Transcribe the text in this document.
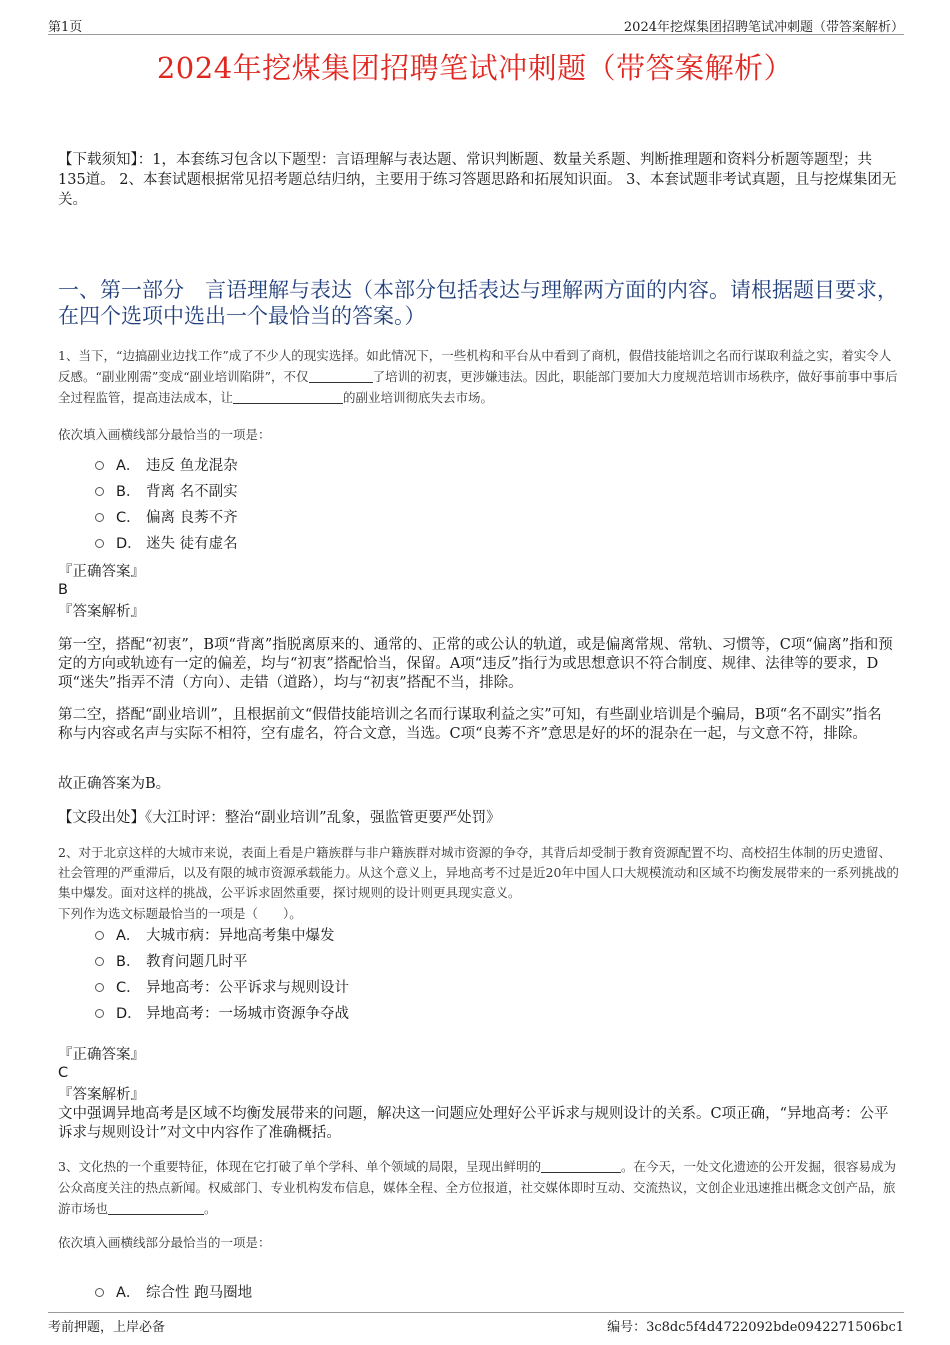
第1页	2024年挖煤集团招聘笔试冲刺题（带答案解析）
2024年挖煤集团招聘笔试冲刺题（带答案解析）
【下载须知】：1，本套练习包含以下题型：言语理解与表达题、常识判断题、数量关系题、判断推理题和资料分析题等题型；共135道。 2、本套试题根据常见招考题总结归纳，主要用于练习答题思路和拓展知识面。 3、本套试题非考试真题，且与挖煤集团无关。
一、第一部分　言语理解与表达（本部分包括表达与理解两方面的内容。请根据题目要求，在四个选项中选出一个最恰当的答案。）
1、当下，“边搞副业边找工作”成了不少人的现实选择。如此情况下，一些机构和平台从中看到了商机，假借技能培训之名而行谋取利益之实，着实令人反感。“副业刚需”变成“副业培训陷阱”，不仅	了培训的初衷，更涉嫌违法。因此，职能部门要加大力度规范培训市场秩序，做好事前事中事后全过程监管，提高违法成本，让	的副业培训彻底失去市场。
依次填入画横线部分最恰当的一项是：
A． 违反 鱼龙混杂
B． 背离 名不副实
C． 偏离 良莠不齐
D． 迷失 徒有虚名
『正确答案』
B
『答案解析』
第一空，搭配“初衷”，B项“背离”指脱离原来的、通常的、正常的或公认的轨道，或是偏离常规、常轨、习惯等，C项“偏离”指和预定的方向或轨迹有一定的偏差，均与“初衷”搭配恰当，保留。A项“违反”指行为或思想意识不符合制度、规律、法律等的要求，D项“迷失”指弄不清（方向）、走错（道路），均与“初衷”搭配不当，排除。
第二空，搭配“副业培训”，且根据前文“假借技能培训之名而行谋取利益之实”可知，有些副业培训是个骗局，B项“名不副实”指名称与内容或名声与实际不相符，空有虚名，符合文意，当选。C项“良莠不齐”意思是好的坏的混杂在一起，与文意不符，排除。
故正确答案为B。
【文段出处】《大江时评：整治“副业培训”乱象，强监管更要严处罚》
2、对于北京这样的大城市来说，表面上看是户籍族群与非户籍族群对城市资源的争夺，其背后却受制于教育资源配置不均、高校招生体制的历史遗留、社会管理的严重滞后，以及有限的城市资源承载能力。从这个意义上，异地高考不过是近20年中国人口大规模流动和区域不均衡发展带来的一系列挑战的集中爆发。面对这样的挑战，公平诉求固然重要，探讨规则的设计则更具现实意义。
下列作为选文标题最恰当的一项是（　　）。
A． 大城市病：异地高考集中爆发
B． 教育问题几时平
C． 异地高考：公平诉求与规则设计
D． 异地高考：一场城市资源争夺战
『正确答案』
C
『答案解析』
文中强调异地高考是区域不均衡发展带来的问题，解决这一问题应处理好公平诉求与规则设计的关系。C项正确，“异地高考：公平诉求与规则设计”对文中内容作了准确概括。
3、文化热的一个重要特征，体现在它打破了单个学科、单个领域的局限，呈现出鲜明的	。在今天，一处文化遗迹的公开发掘，很容易成为公众高度关注的热点新闻。权威部门、专业机构发布信息，媒体全程、全方位报道，社交媒体即时互动、交流热议，文创企业迅速推出概念文创产品，旅游市场也	。
依次填入画横线部分最恰当的一项是：
A． 综合性 跑马圈地
考前押题，上岸必备	编号：3c8dc5f4d4722092bde0942271506bc1
